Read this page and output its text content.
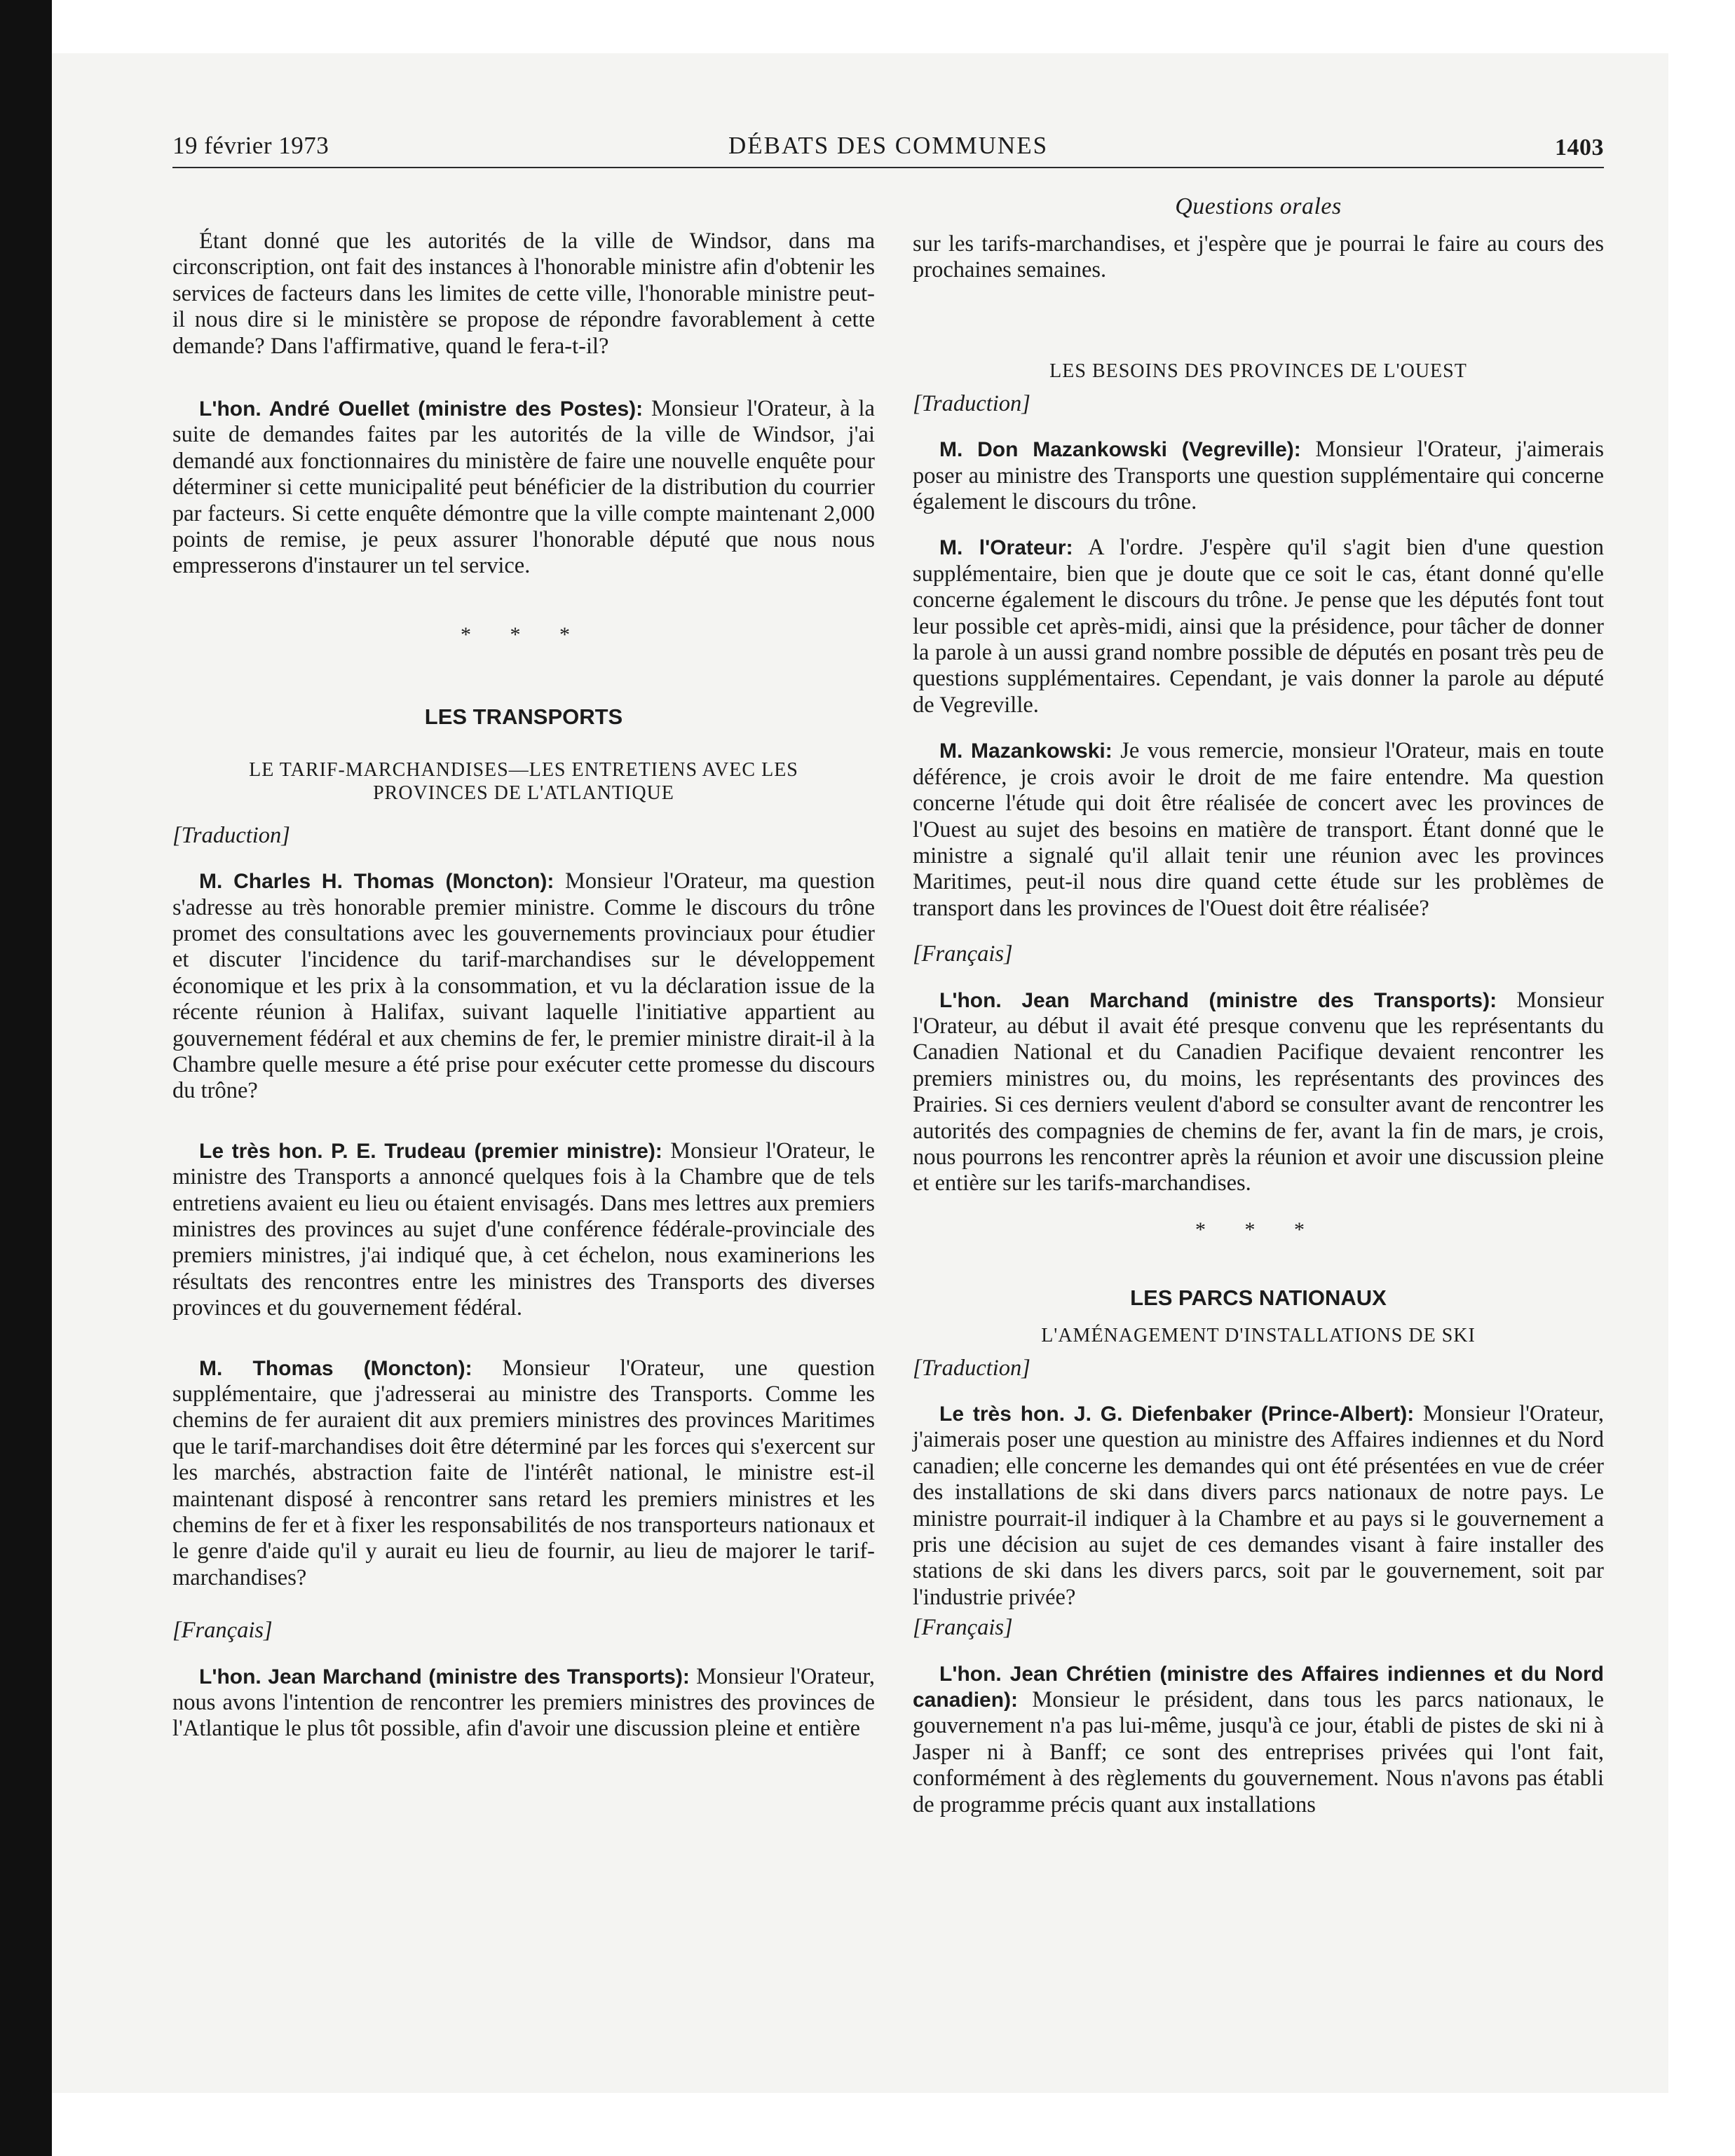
19 février 1973	DÉBATS DES COMMUNES	1403
Questions orales

Étant donné que les autorités de la ville de Windsor, dans ma circonscription, ont fait des instances à l'honorable ministre afin d'obtenir les services de facteurs dans les limites de cette ville, l'honorable ministre peut-il nous dire si le ministère se propose de répondre favorablement à cette demande? Dans l'affirmative, quand le fera-t-il?

L'hon. André Ouellet (ministre des Postes): Monsieur l'Orateur, à la suite de demandes faites par les autorités de la ville de Windsor, j'ai demandé aux fonctionnaires du ministère de faire une nouvelle enquête pour déterminer si cette municipalité peut bénéficier de la distribution du courrier par facteurs. Si cette enquête démontre que la ville compte maintenant 2,000 points de remise, je peux assurer l'honorable député que nous nous empresserons d'instaurer un tel service.

* * *
LES TRANSPORTS
LE TARIF-MARCHANDISES—LES ENTRETIENS AVEC LES PROVINCES DE L'ATLANTIQUE

[Traduction]

M. Charles H. Thomas (Moncton): Monsieur l'Orateur, ma question s'adresse au très honorable premier ministre. Comme le discours du trône promet des consultations avec les gouvernements provinciaux pour étudier et discuter l'incidence du tarif-marchandises sur le développement économique et les prix à la consommation, et vu la déclaration issue de la récente réunion à Halifax, suivant laquelle l'initiative appartient au gouvernement fédéral et aux chemins de fer, le premier ministre dirait-il à la Chambre quelle mesure a été prise pour exécuter cette promesse du discours du trône?

Le très hon. P. E. Trudeau (premier ministre): Monsieur l'Orateur, le ministre des Transports a annoncé quelques fois à la Chambre que de tels entretiens avaient eu lieu ou étaient envisagés. Dans mes lettres aux premiers ministres des provinces au sujet d'une conférence fédérale-provinciale des premiers ministres, j'ai indiqué que, à cet échelon, nous examinerions les résultats des rencontres entre les ministres des Transports des diverses provinces et du gouvernement fédéral.

M. Thomas (Moncton): Monsieur l'Orateur, une question supplémentaire, que j'adresserai au ministre des Transports. Comme les chemins de fer auraient dit aux premiers ministres des provinces Maritimes que le tarif-marchandises doit être déterminé par les forces qui s'exercent sur les marchés, abstraction faite de l'intérêt national, le ministre est-il maintenant disposé à rencontrer sans retard les premiers ministres et les chemins de fer et à fixer les responsabilités de nos transporteurs nationaux et le genre d'aide qu'il y aurait eu lieu de fournir, au lieu de majorer le tarif-marchandises?

[Français]

L'hon. Jean Marchand (ministre des Transports): Monsieur l'Orateur, nous avons l'intention de rencontrer les premiers ministres des provinces de l'Atlantique le plus tôt possible, afin d'avoir une discussion pleine et entière

sur les tarifs-marchandises, et j'espère que je pourrai le faire au cours des prochaines semaines.

LES BESOINS DES PROVINCES DE L'OUEST

[Traduction]

M. Don Mazankowski (Vegreville): Monsieur l'Orateur, j'aimerais poser au ministre des Transports une question supplémentaire qui concerne également le discours du trône.

M. l'Orateur: A l'ordre. J'espère qu'il s'agit bien d'une question supplémentaire, bien que je doute que ce soit le cas, étant donné qu'elle concerne également le discours du trône. Je pense que les députés font tout leur possible cet après-midi, ainsi que la présidence, pour tâcher de donner la parole à un aussi grand nombre possible de députés en posant très peu de questions supplémentaires. Cependant, je vais donner la parole au député de Vegreville.

M. Mazankowski: Je vous remercie, monsieur l'Orateur, mais en toute déférence, je crois avoir le droit de me faire entendre. Ma question concerne l'étude qui doit être réalisée de concert avec les provinces de l'Ouest au sujet des besoins en matière de transport. Étant donné que le ministre a signalé qu'il allait tenir une réunion avec les provinces Maritimes, peut-il nous dire quand cette étude sur les problèmes de transport dans les provinces de l'Ouest doit être réalisée?

[Français]

L'hon. Jean Marchand (ministre des Transports): Monsieur l'Orateur, au début il avait été presque convenu que les représentants du Canadien National et du Canadien Pacifique devaient rencontrer les premiers ministres ou, du moins, les représentants des provinces des Prairies. Si ces derniers veulent d'abord se consulter avant de rencontrer les autorités des compagnies de chemins de fer, avant la fin de mars, je crois, nous pourrons les rencontrer après la réunion et avoir une discussion pleine et entière sur les tarifs-marchandises.

* * *
LES PARCS NATIONAUX
L'AMÉNAGEMENT D'INSTALLATIONS DE SKI

[Traduction]

Le très hon. J. G. Diefenbaker (Prince-Albert): Monsieur l'Orateur, j'aimerais poser une question au ministre des Affaires indiennes et du Nord canadien; elle concerne les demandes qui ont été présentées en vue de créer des installations de ski dans divers parcs nationaux de notre pays. Le ministre pourrait-il indiquer à la Chambre et au pays si le gouvernement a pris une décision au sujet de ces demandes visant à faire installer des stations de ski dans les divers parcs, soit par le gouvernement, soit par l'industrie privée?

[Français]

L'hon. Jean Chrétien (ministre des Affaires indiennes et du Nord canadien): Monsieur le président, dans tous les parcs nationaux, le gouvernement n'a pas lui-même, jusqu'à ce jour, établi de pistes de ski ni à Jasper ni à Banff; ce sont des entreprises privées qui l'ont fait, conformément à des règlements du gouvernement. Nous n'avons pas établi de programme précis quant aux installations
